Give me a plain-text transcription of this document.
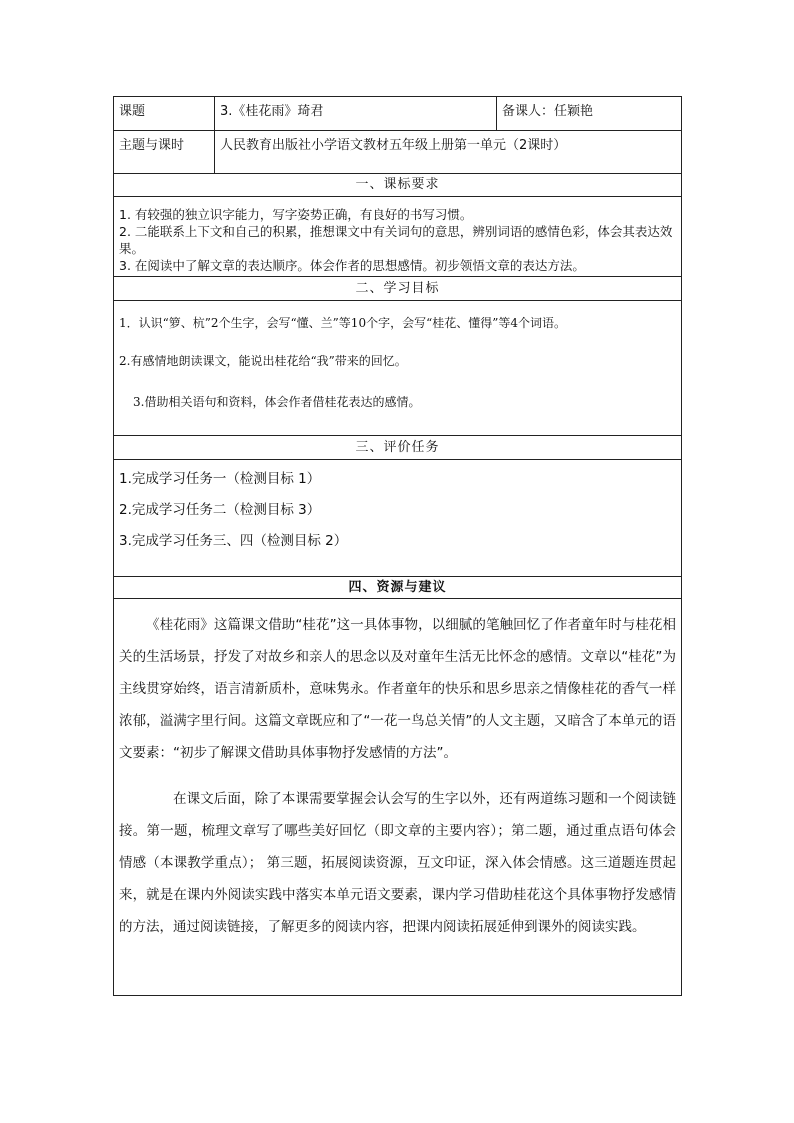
课题	3.《桂花雨》琦君	备课人：任颖艳
主题与课时	人民教育出版社小学语文教材五年级上册第一单元（2课时）	
一、课标要求		

1. 有较强的独立识字能力，写字姿势正确，有良好的书写习惯。

2. 二能联系上下文和自己的积累，推想课文中有关词句的意思，辨别词语的感情色彩，体会其表达效果。

3. 在阅读中了解文章的表达顺序。体会作者的思想感情。初步领悟文章的表达方法。		

二、学习目标		

1．认识“箩、杭”2个生字，会写“懂、兰”等10个字，会写“桂花、懂得”等4个词语。

2.有感情地朗读课文，能说出桂花给“我”带来的回忆。

3.借助相关语句和资料，体会作者借桂花表达的感情。		

三、评价任务		

1.完成学习任务一（检测目标 1）

2.完成学习任务二（检测目标 3）

3.完成学习任务三、四（检测目标 2）		

四、资源与建议		

《桂花雨》这篇课文借助“桂花”这一具体事物，以细腻的笔触回忆了作者童年时与桂花相关的生活场景，抒发了对故乡和亲人的思念以及对童年生活无比怀念的感情。文章以“桂花”为主线贯穿始终，语言清新质朴，意味隽永。作者童年的快乐和思乡思亲之情像桂花的香气一样浓郁，溢满字里行间。这篇文章既应和了“一花一鸟总关情”的人文主题，又暗含了本单元的语文要素：“初步了解课文借助具体事物抒发感情的方法”。

在课文后面，除了本课需要掌握会认会写的生字以外，还有两道练习题和一个阅读链接。第一题，梳理文章写了哪些美好回忆（即文章的主要内容）；第二题，通过重点语句体会情感（本课教学重点）； 第三题，拓展阅读资源，互文印证，深入体会情感。这三道题连贯起来，就是在课内外阅读实践中落实本单元语文要素，课内学习借助桂花这个具体事物抒发感情的方法，通过阅读链接，了解更多的阅读内容，把课内阅读拓展延伸到课外的阅读实践。		
